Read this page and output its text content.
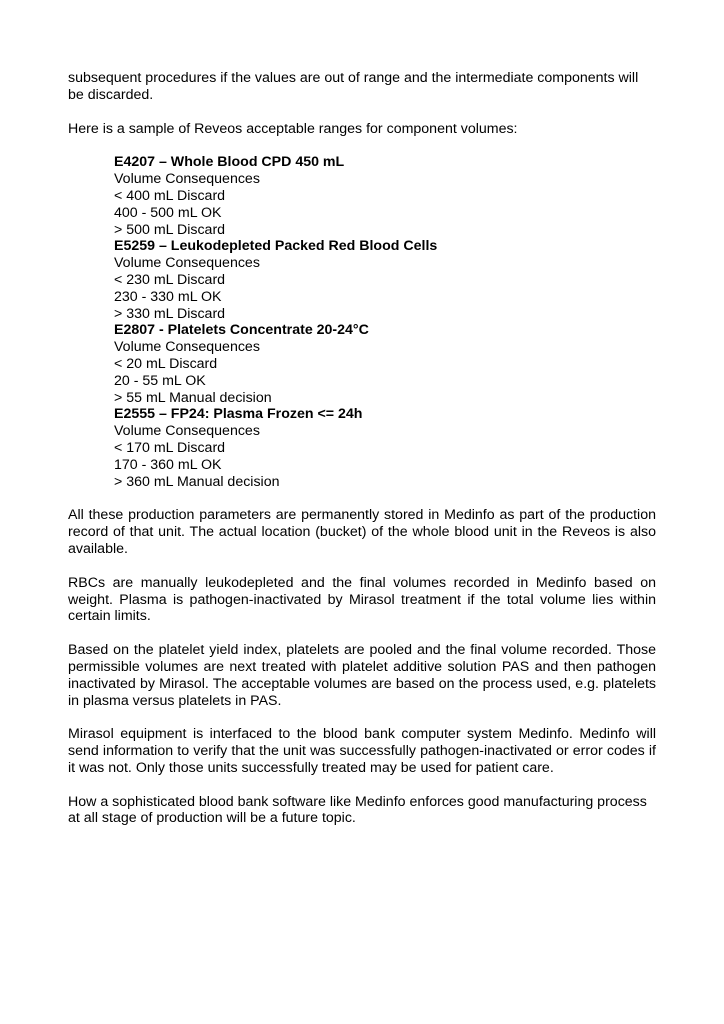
subsequent procedures if the values are out of range and the intermediate components will be discarded.

Here is a sample of Reveos acceptable ranges for component volumes:

E4207 – Whole Blood CPD 450 mL
Volume Consequences
< 400 mL Discard
400 - 500 mL OK
> 500 mL Discard
E5259 – Leukodepleted Packed Red Blood Cells
Volume Consequences
< 230 mL Discard
230 - 330 mL OK
> 330 mL Discard
E2807 - Platelets Concentrate 20-24°C
Volume Consequences
< 20 mL Discard
20 - 55 mL OK
> 55 mL Manual decision
E2555 – FP24: Plasma Frozen <= 24h
Volume Consequences
< 170 mL Discard
170 - 360 mL OK
> 360 mL Manual decision

All these production parameters are permanently stored in Medinfo as part of the production record of that unit. The actual location (bucket) of the whole blood unit in the Reveos is also available.

RBCs are manually leukodepleted and the final volumes recorded in Medinfo based on weight. Plasma is pathogen-inactivated by Mirasol treatment if the total volume lies within certain limits.

Based on the platelet yield index, platelets are pooled and the final volume recorded. Those permissible volumes are next treated with platelet additive solution PAS and then pathogen inactivated by Mirasol. The acceptable volumes are based on the process used, e.g. platelets in plasma versus platelets in PAS.

Mirasol equipment is interfaced to the blood bank computer system Medinfo. Medinfo will send information to verify that the unit was successfully pathogen-inactivated or error codes if it was not. Only those units successfully treated may be used for patient care.

How a sophisticated blood bank software like Medinfo enforces good manufacturing process at all stage of production will be a future topic.
